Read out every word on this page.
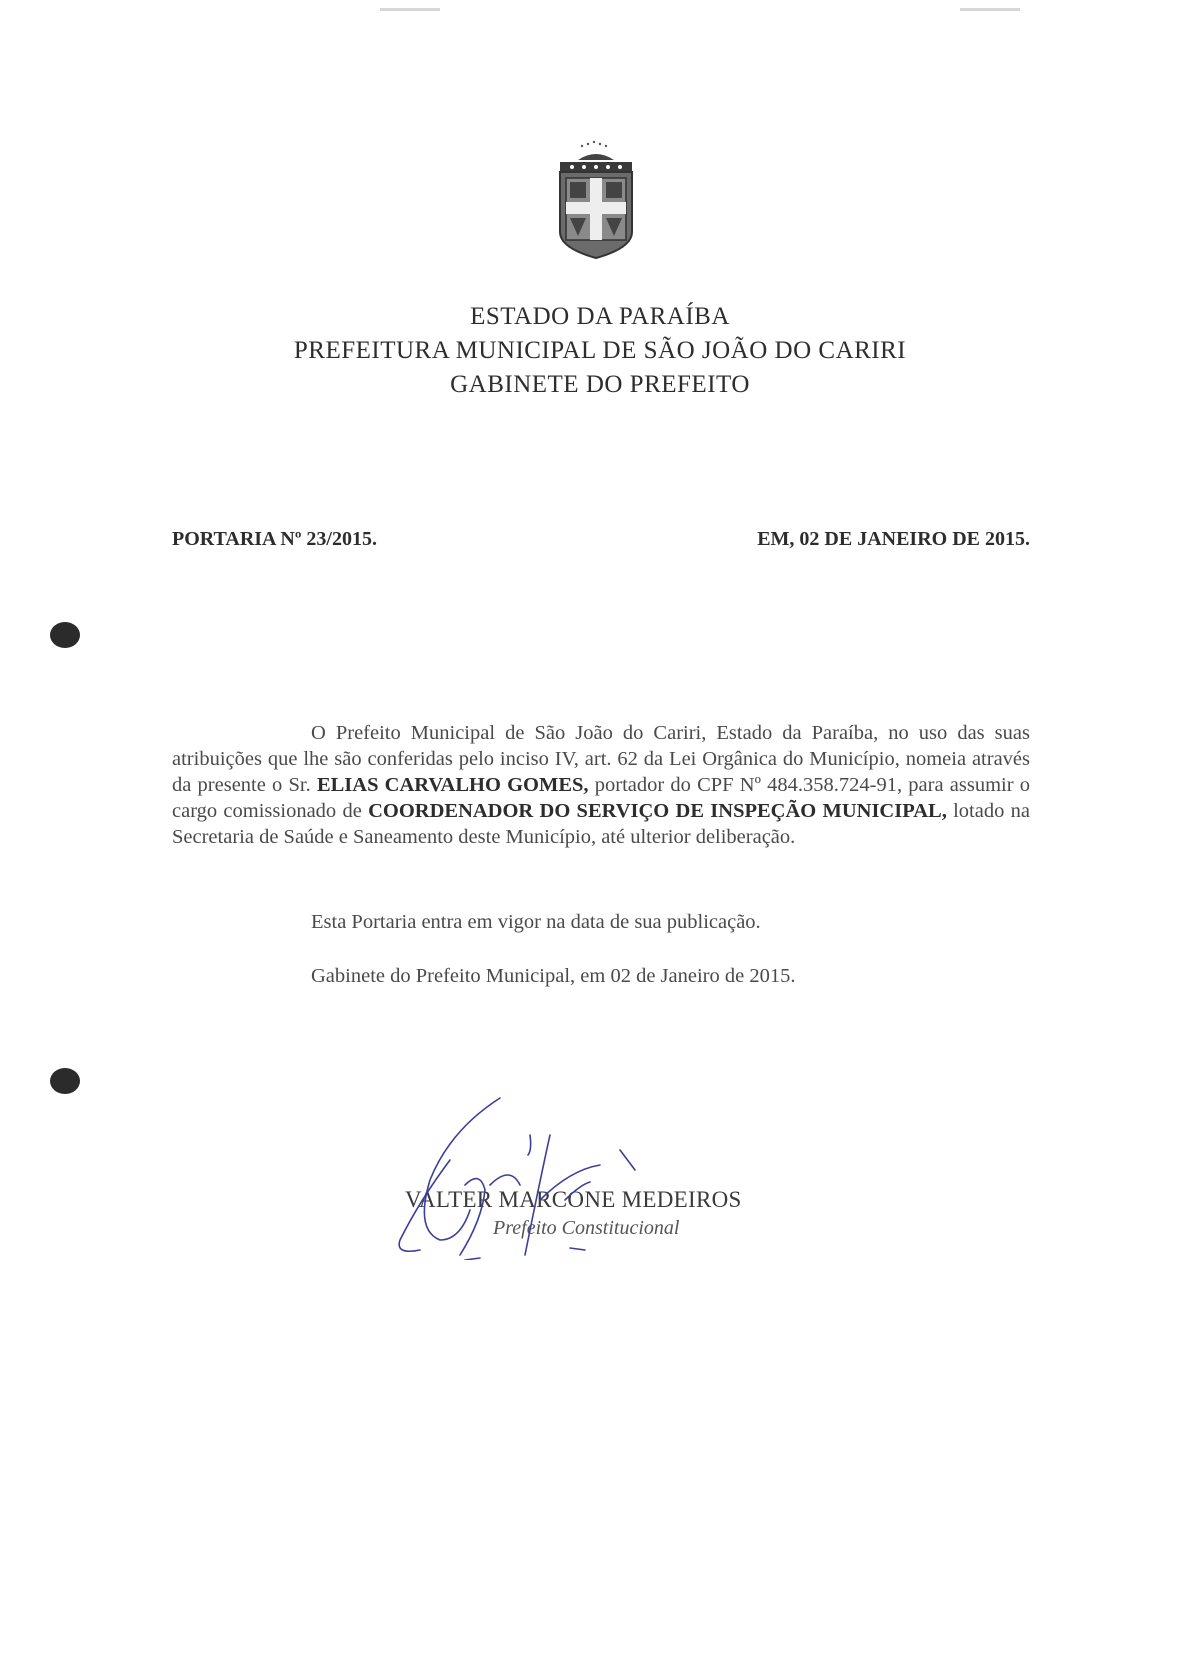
ESTADO DA PARAÍBA
PREFEITURA MUNICIPAL DE SÃO JOÃO DO CARIRI
GABINETE DO PREFEITO
PORTARIA Nº 23/2015.	EM, 02 DE JANEIRO DE 2015.

O Prefeito Municipal de São João do Cariri, Estado da Paraíba, no uso das suas atribuições que lhe são conferidas pelo inciso IV, art. 62 da Lei Orgânica do Município, nomeia através da presente o Sr. ELIAS CARVALHO GOMES, portador do CPF Nº 484.358.724-91, para assumir o cargo comissionado de COORDENADOR DO SERVIÇO DE INSPEÇÃO MUNICIPAL, lotado na Secretaria de Saúde e Saneamento deste Município, até ulterior deliberação.

Esta Portaria entra em vigor na data de sua publicação.
Gabinete do Prefeito Municipal, em 02 de Janeiro de 2015.
VALTER MARCONE MEDEIROS
Prefeito Constitucional
